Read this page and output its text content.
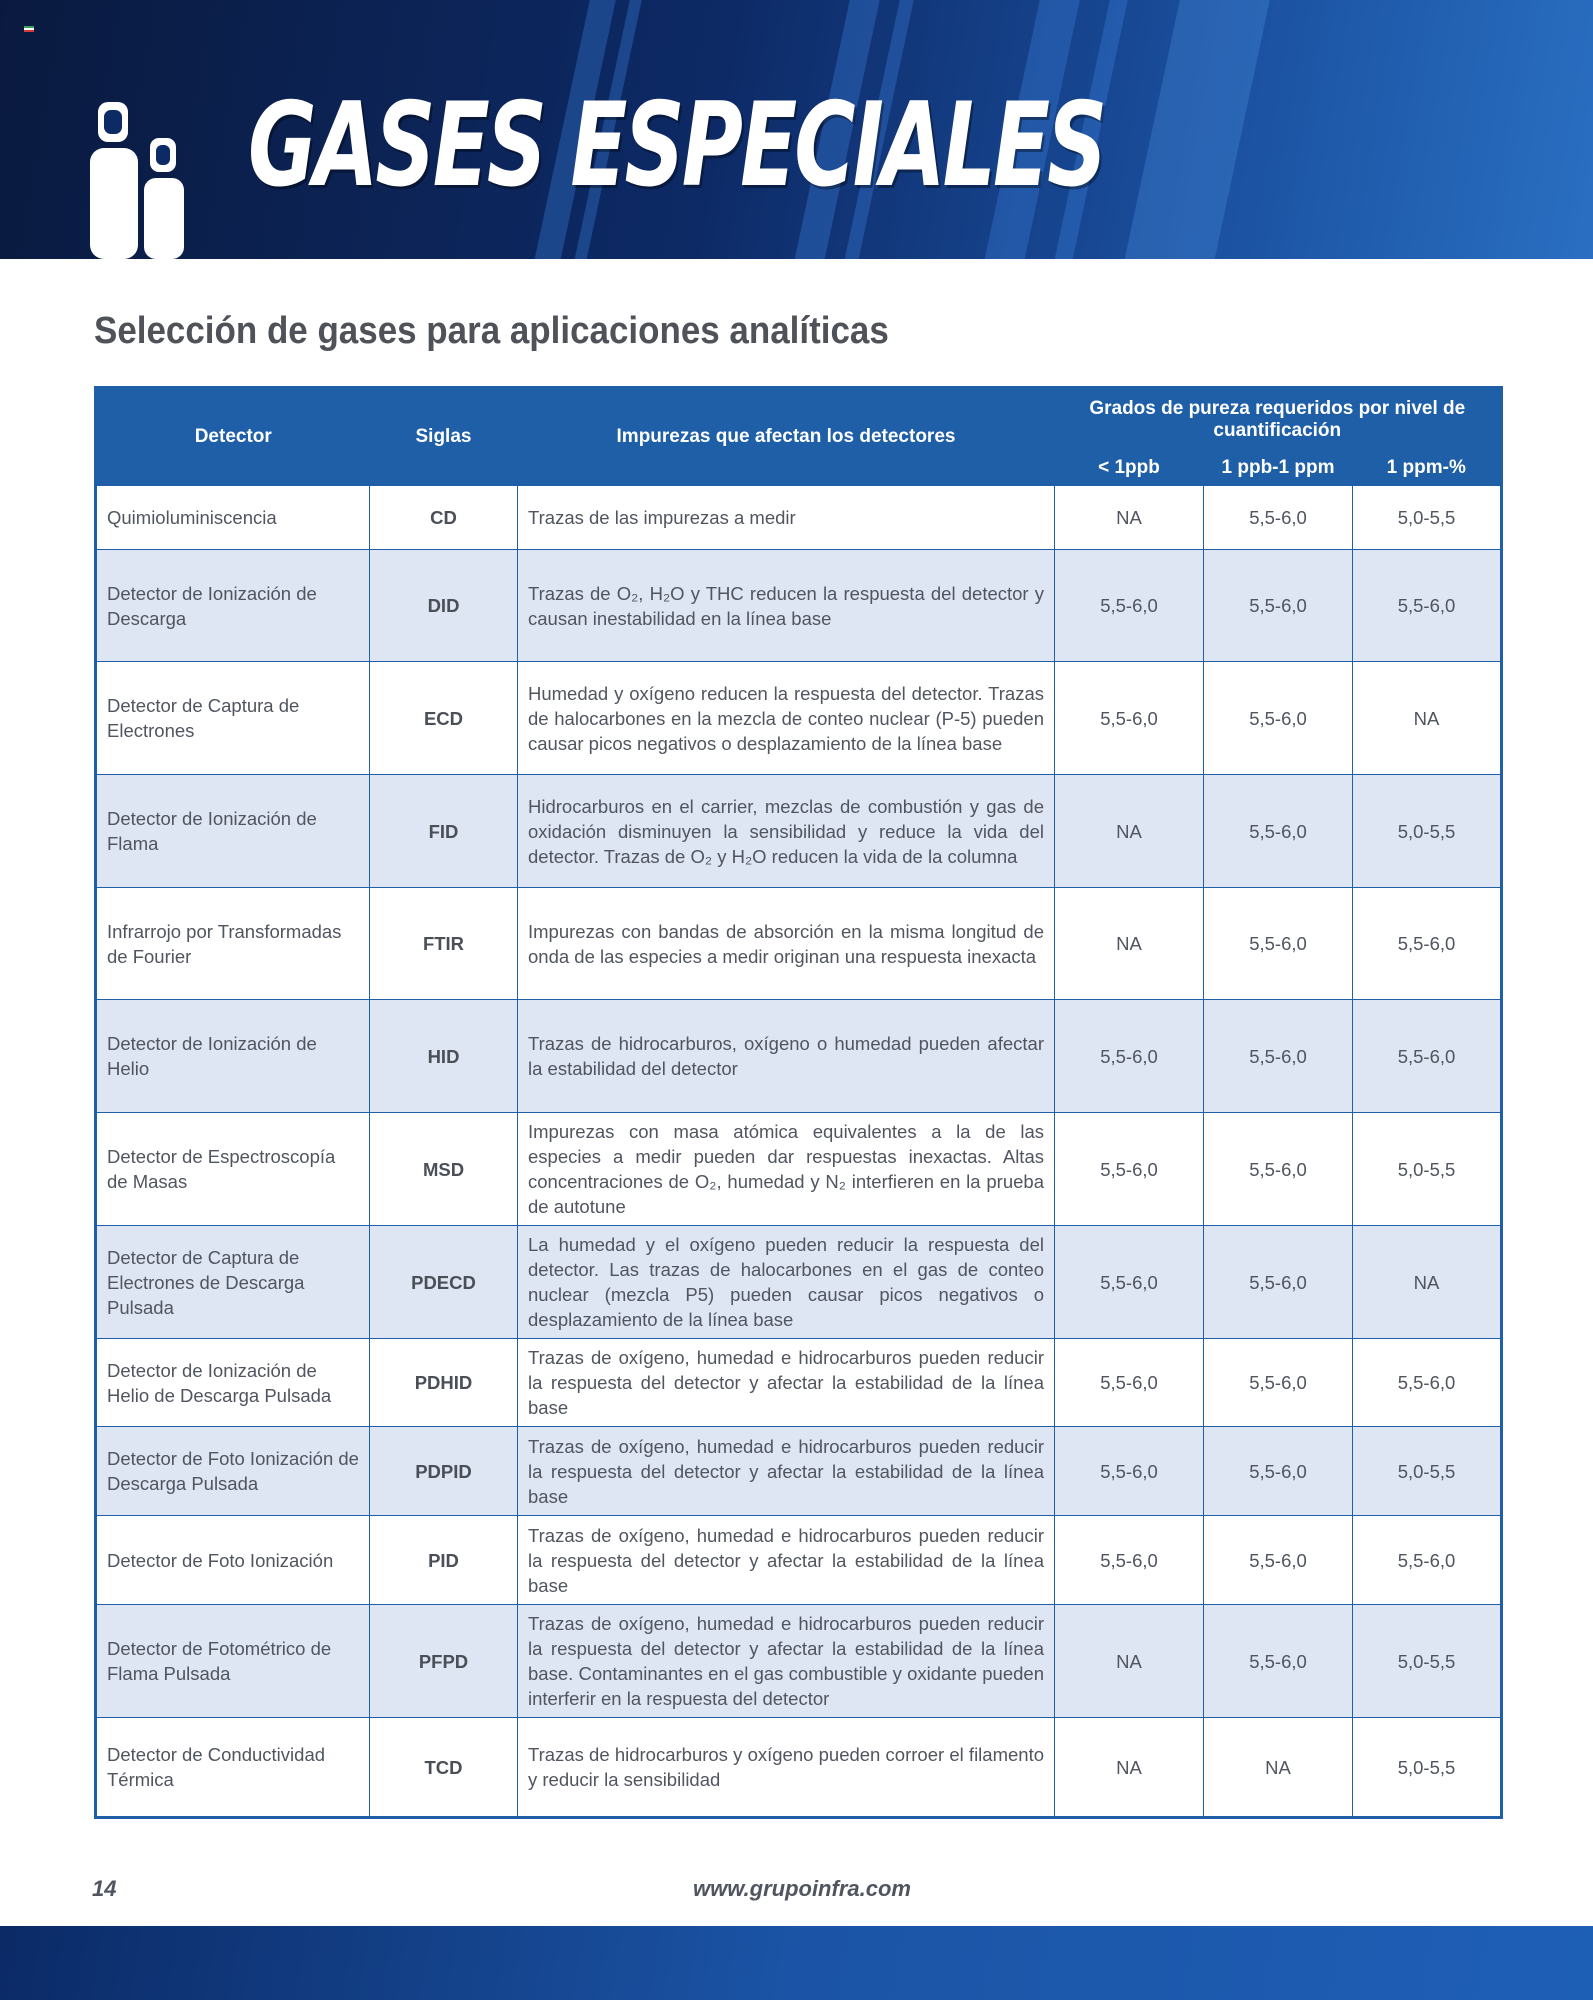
GASES ESPECIALES
Selección de gases para aplicaciones analíticas
Detector	Siglas	Impurezas que afectan los detectores	Grados de pureza requeridos por nivel de cuantificación		
			< 1ppb	1 ppb-1 ppm	1 ppm-%
Quimioluminiscencia	CD	Trazas de las impurezas a medir	NA	5,5-6,0	5,0-5,5
Detector de Ionización de Descarga	DID	Trazas de O₂, H₂O y THC reducen la respuesta del detector y causan inestabilidad en la línea base	5,5-6,0	5,5-6,0	5,5-6,0
Detector de Captura de Electrones	ECD	Humedad y oxígeno reducen la respuesta del detector. Trazas de halocarbones en la mezcla de conteo nuclear (P-5) pueden causar picos negativos o desplazamiento de la línea base	5,5-6,0	5,5-6,0	NA
Detector de Ionización de Flama	FID	Hidrocarburos en el carrier, mezclas de combustión y gas de oxidación disminuyen la sensibilidad y reduce la vida del detector. Trazas de O₂ y H₂O reducen la vida de la columna	NA	5,5-6,0	5,0-5,5
Infrarrojo por Transformadas de Fourier	FTIR	Impurezas con bandas de absorción en la misma longitud de onda de las especies a medir originan una respuesta inexacta	NA	5,5-6,0	5,5-6,0
Detector de Ionización de Helio	HID	Trazas de hidrocarburos, oxígeno o humedad pueden afectar la estabilidad del detector	5,5-6,0	5,5-6,0	5,5-6,0
Detector de Espectroscopía de Masas	MSD	Impurezas con masa atómica equivalentes a la de las especies a medir pueden dar respuestas inexactas. Altas concentraciones de O₂, humedad y N₂ interfieren en la prueba de autotune	5,5-6,0	5,5-6,0	5,0-5,5
Detector de Captura de Electrones de Descarga Pulsada	PDECD	La humedad y el oxígeno pueden reducir la respuesta del detector. Las trazas de halocarbones en el gas de conteo nuclear (mezcla P5) pueden causar picos negativos o desplazamiento de la línea base	5,5-6,0	5,5-6,0	NA
Detector de Ionización de Helio de Descarga Pulsada	PDHID	Trazas de oxígeno, humedad e hidrocarburos pueden reducir la respuesta del detector y afectar la estabilidad de la línea base	5,5-6,0	5,5-6,0	5,5-6,0
Detector de Foto Ionización de Descarga Pulsada	PDPID	Trazas de oxígeno, humedad e hidrocarburos pueden reducir la respuesta del detector y afectar la estabilidad de la línea base	5,5-6,0	5,5-6,0	5,0-5,5
Detector de Foto Ionización	PID	Trazas de oxígeno, humedad e hidrocarburos pueden reducir la respuesta del detector y afectar la estabilidad de la línea base	5,5-6,0	5,5-6,0	5,5-6,0
Detector de Fotométrico de Flama Pulsada	PFPD	Trazas de oxígeno, humedad e hidrocarburos pueden reducir la respuesta del detector y afectar la estabilidad de la línea base. Contaminantes en el gas combustible y oxidante pueden interferir en la respuesta del detector	NA	5,5-6,0	5,0-5,5
Detector de Conductividad Térmica	TCD	Trazas de hidrocarburos y oxígeno pueden corroer el filamento y reducir la sensibilidad	NA	NA	5,0-5,5
14	www.grupoinfra.com
